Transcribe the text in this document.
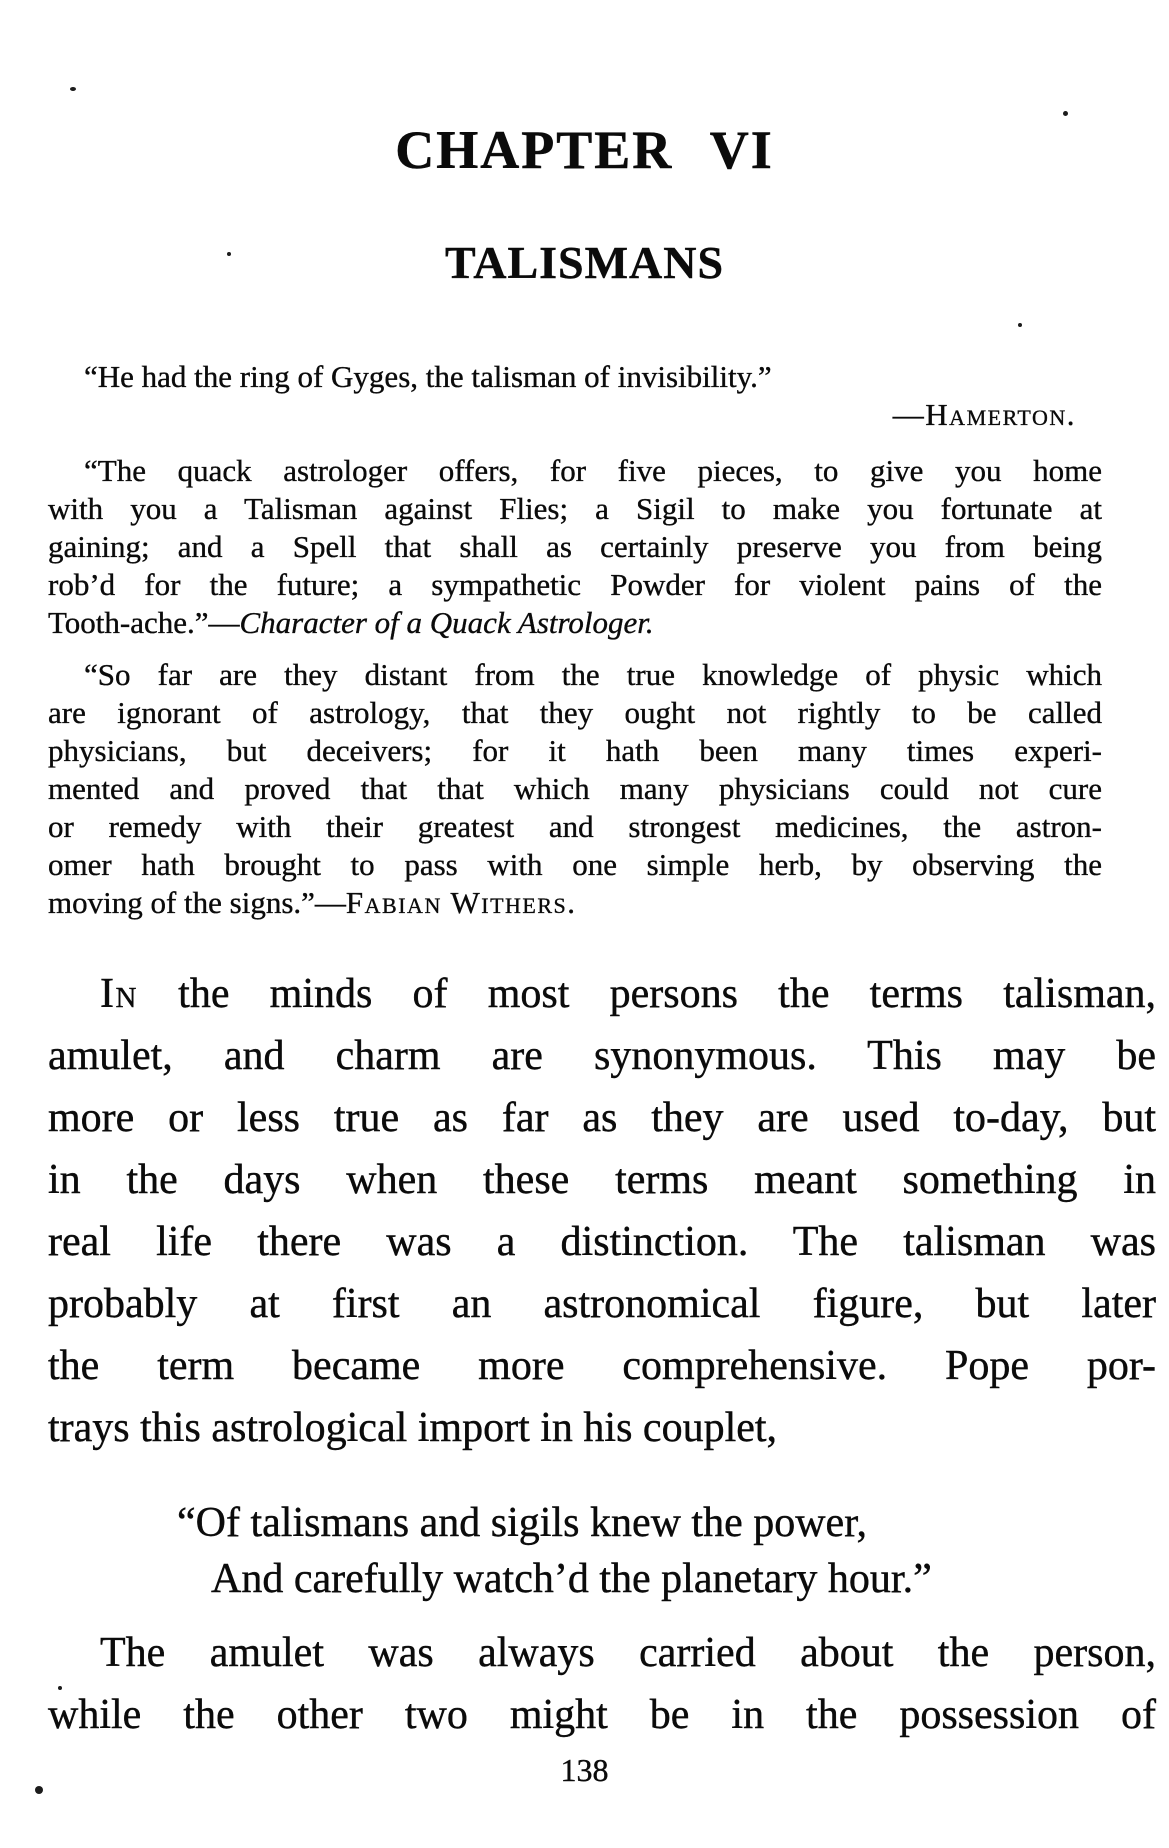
CHAPTER VI
TALISMANS
“He had the ring of Gyges, the talisman of invisibility.”
—Hamerton.
“The quack astrologer offers, for five pieces, to give you home
with you a Talisman against Flies; a Sigil to make you fortunate at
gaining; and a Spell that shall as certainly preserve you from being
rob’d for the future; a sympathetic Powder for violent pains of the
Tooth-ache.”—Character of a Quack Astrologer.
“So far are they distant from the true knowledge of physic which
are ignorant of astrology, that they ought not rightly to be called
physicians, but deceivers; for it hath been many times experi-
mented and proved that that which many physicians could not cure
or remedy with their greatest and strongest medicines, the astron-
omer hath brought to pass with one simple herb, by observing the
moving of the signs.”—Fabian Withers.
In the minds of most persons the terms talisman,
amulet, and charm are synonymous. This may be
more or less true as far as they are used to-day, but
in the days when these terms meant something in
real life there was a distinction. The talisman was
probably at first an astronomical figure, but later
the term became more comprehensive. Pope por-
trays this astrological import in his couplet,
“Of talismans and sigils knew the power,
And carefully watch’d the planetary hour.”
The amulet was always carried about the person,
while the other two might be in the possession of
138
